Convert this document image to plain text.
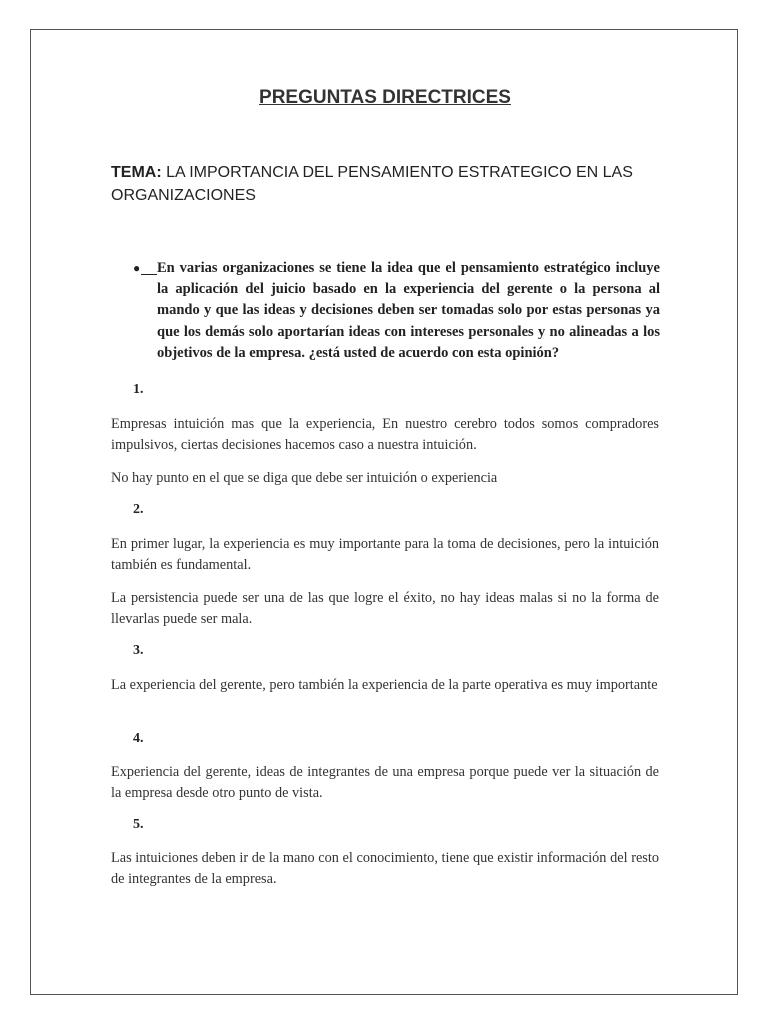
PREGUNTAS DIRECTRICES

TEMA: LA IMPORTANCIA DEL PENSAMIENTO ESTRATEGICO EN LAS ORGANIZACIONES

●	En varias organizaciones se tiene la idea que el pensamiento estratégico incluye la aplicación del juicio basado en la experiencia del gerente o la persona al mando y que las ideas y decisiones deben ser tomadas solo por estas personas ya que los demás solo aportarían ideas con intereses personales y no alineadas a los objetivos de la empresa. ¿está usted de acuerdo con esta opinión?

1.

Empresas intuición mas que la experiencia, En nuestro cerebro todos somos compradores impulsivos, ciertas decisiones hacemos caso a nuestra intuición.

No hay punto en el que se diga que debe ser intuición o experiencia

2.

En primer lugar, la experiencia es muy importante para la toma de decisiones, pero la intuición también es fundamental.

La persistencia puede ser una de las que logre el éxito, no hay ideas malas si no la forma de llevarlas puede ser mala.

3.

La experiencia del gerente, pero también la experiencia de la parte operativa es muy importante

4.

Experiencia del gerente, ideas de integrantes de una empresa porque puede ver la situación de la empresa desde otro punto de vista.

5.

Las intuiciones deben ir de la mano con el conocimiento, tiene que existir información del resto de integrantes de la empresa.
